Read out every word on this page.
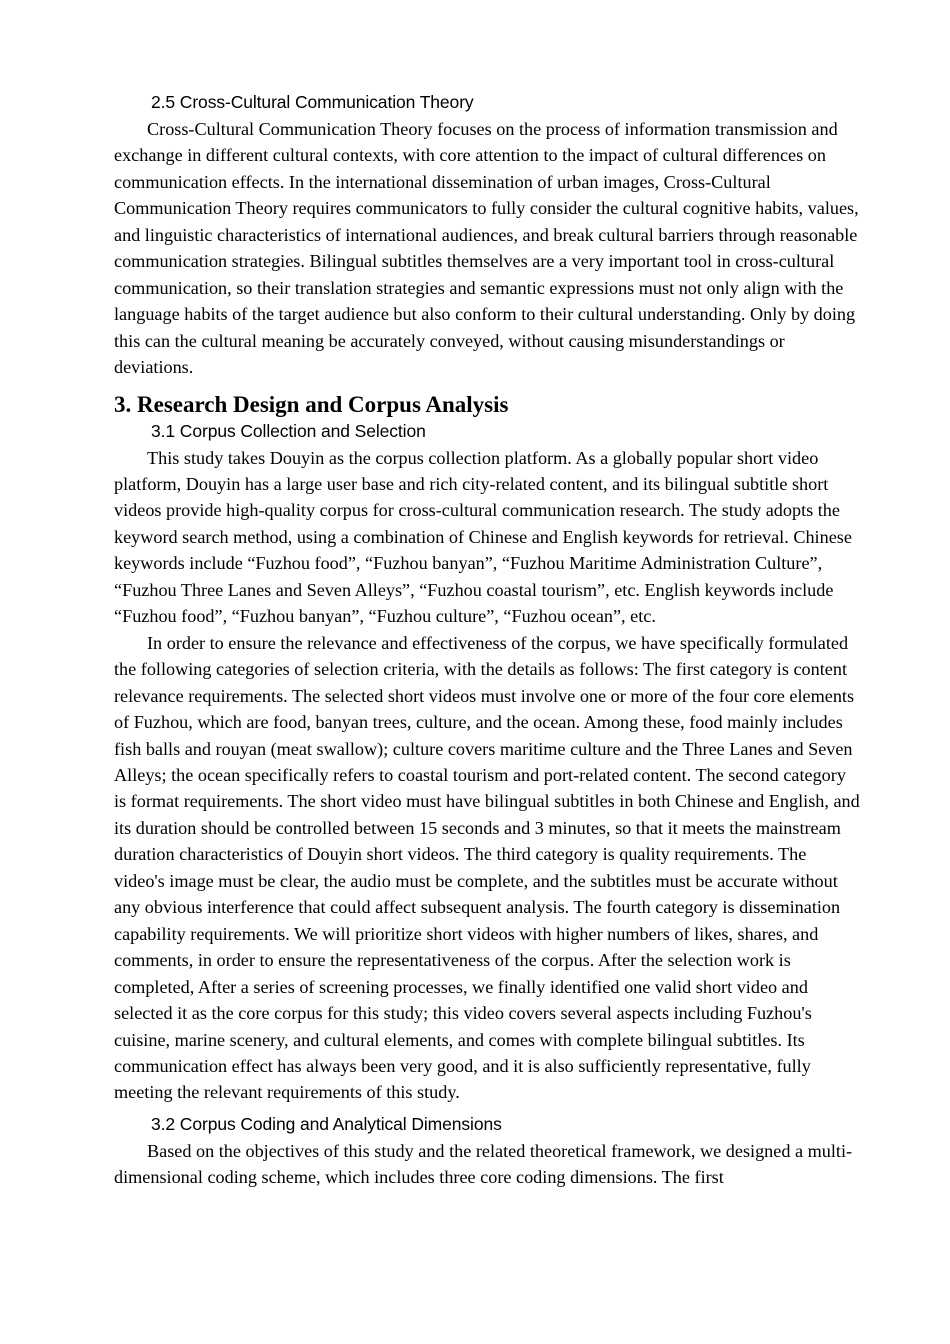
2.5 Cross-Cultural Communication Theory

Cross-Cultural Communication Theory focuses on the process of information transmission and exchange in different cultural contexts, with core attention to the impact of cultural differences on communication effects. In the international dissemination of urban images, Cross-Cultural Communication Theory requires communicators to fully consider the cultural cognitive habits, values, and linguistic characteristics of international audiences, and break cultural barriers through reasonable communication strategies. Bilingual subtitles themselves are a very important tool in cross-cultural communication, so their translation strategies and semantic expressions must not only align with the language habits of the target audience but also conform to their cultural understanding. Only by doing this can the cultural meaning be accurately conveyed, without causing misunderstandings or deviations.

3. Research Design and Corpus Analysis
3.1 Corpus Collection and Selection

This study takes Douyin as the corpus collection platform. As a globally popular short video platform, Douyin has a large user base and rich city-related content, and its bilingual subtitle short videos provide high-quality corpus for cross-cultural communication research. The study adopts the keyword search method, using a combination of Chinese and English keywords for retrieval. Chinese keywords include “Fuzhou food”, “Fuzhou banyan”, “Fuzhou Maritime Administration Culture”, “Fuzhou Three Lanes and Seven Alleys”, “Fuzhou coastal tourism”, etc. English keywords include “Fuzhou food”, “Fuzhou banyan”, “Fuzhou culture”, “Fuzhou ocean”, etc.

In order to ensure the relevance and effectiveness of the corpus, we have specifically formulated the following categories of selection criteria, with the details as follows: The first category is content relevance requirements. The selected short videos must involve one or more of the four core elements of Fuzhou, which are food, banyan trees, culture, and the ocean. Among these, food mainly includes fish balls and rouyan (meat swallow); culture covers maritime culture and the Three Lanes and Seven Alleys; the ocean specifically refers to coastal tourism and port-related content. The second category is format requirements. The short video must have bilingual subtitles in both Chinese and English, and its duration should be controlled between 15 seconds and 3 minutes, so that it meets the mainstream duration characteristics of Douyin short videos. The third category is quality requirements. The video's image must be clear, the audio must be complete, and the subtitles must be accurate without any obvious interference that could affect subsequent analysis. The fourth category is dissemination capability requirements. We will prioritize short videos with higher numbers of likes, shares, and comments, in order to ensure the representativeness of the corpus. After the selection work is completed, After a series of screening processes, we finally identified one valid short video and selected it as the core corpus for this study; this video covers several aspects including Fuzhou's cuisine, marine scenery, and cultural elements, and comes with complete bilingual subtitles. Its communication effect has always been very good, and it is also sufficiently representative, fully meeting the relevant requirements of this study.

3.2 Corpus Coding and Analytical Dimensions

Based on the objectives of this study and the related theoretical framework, we designed a multi-dimensional coding scheme, which includes three core coding dimensions. The first
